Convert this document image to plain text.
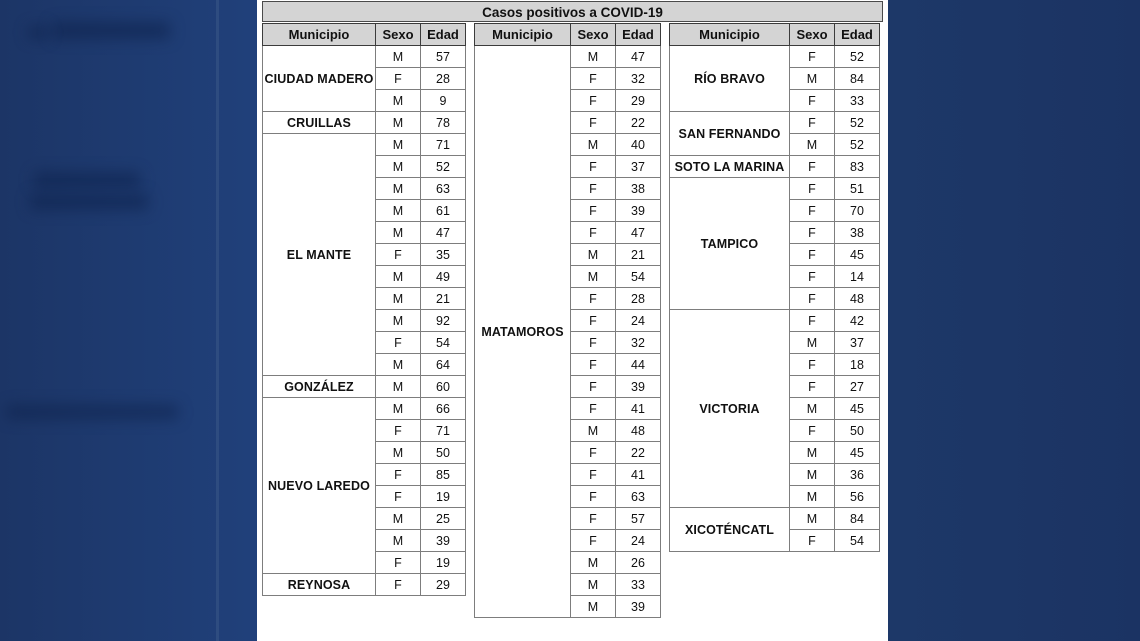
Casos positivos a COVID-19
Municipio	Sexo	Edad
CIUDAD MADERO	M	57
	F	28
	M	9
CRUILLAS	M	78
EL MANTE	M	71
	M	52
	M	63
	M	61
	M	47
	F	35
	M	49
	M	21
	M	92
	F	54
	M	64
GONZÁLEZ	M	60
NUEVO LAREDO	M	66
	F	71
	M	50
	F	85
	F	19
	M	25
	M	39
	F	19
REYNOSA	F	29
Municipio	Sexo	Edad
MATAMOROS	M	47
	F	32
	F	29
	F	22
	M	40
	F	37
	F	38
	F	39
	F	47
	M	21
	M	54
	F	28
	F	24
	F	32
	F	44
	F	39
	F	41
	M	48
	F	22
	F	41
	F	63
	F	57
	F	24
	M	26
	M	33
	M	39
Municipio	Sexo	Edad
RÍO BRAVO	F	52
	M	84
	F	33
SAN FERNANDO	F	52
	M	52
SOTO LA MARINA	F	83
TAMPICO	F	51
	F	70
	F	38
	F	45
	F	14
	F	48
VICTORIA	F	42
	M	37
	F	18
	F	27
	M	45
	F	50
	M	45
	M	36
	M	56
XICOTÉNCATL	M	84
	F	54
